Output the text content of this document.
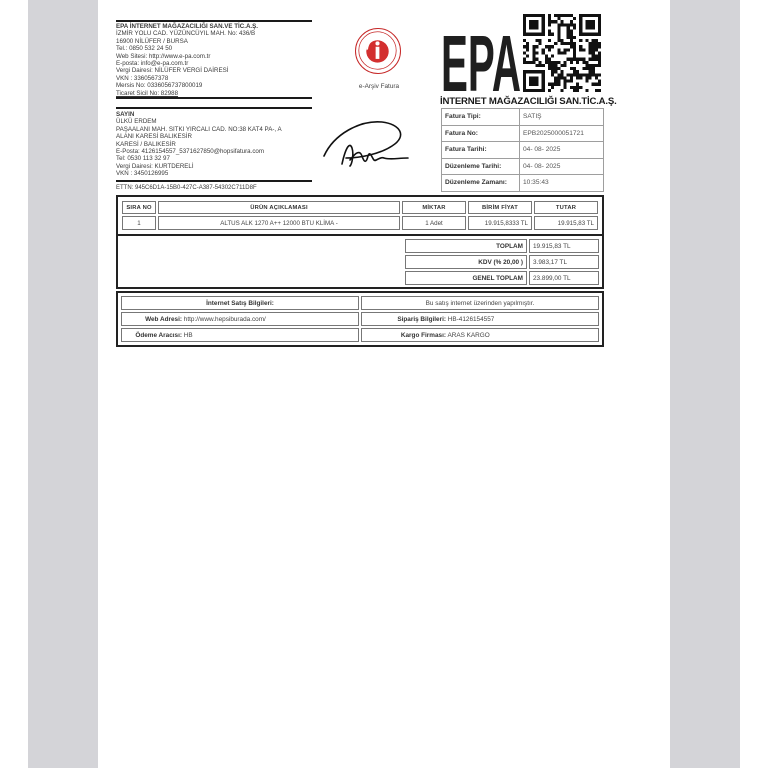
EPA İNTERNET MAĞAZACILIĞI SAN.VE TİC.A.Ş.
İZMİR YOLU CAD. YÜZÜNCÜYIL MAH. No: 436/B
16900 NİLÜFER / BURSA
Tel.: 0850 532 24 50
Web Sitesi: http://www.e-pa.com.tr
E-posta: info@e-pa.com.tr
Vergi Dairesi: NİLÜFER VERGİ DAİRESİ
VKN : 3360567378
Mersis No: 0336056737800019
Ticaret Sicil No: 82988
e-Arşiv Fatura EPA
İNTERNET MAĞAZACILIĞI SAN.TİC.A.Ş.
SAYIN
ÜLKÜ ERDEM
PAŞAALANI MAH. SITKI YIRCALI CAD. NO:38 KAT4 PA-, A
ALANI KARESİ BALIKESİR
KARESİ / BALIKESİR
E-Posta: 4126154557_5371627850@hopsifatura.com
Tel: 0530 113 32 97
Vergi Dairesi: KURTDERELİ
VKN : 3450126995
ETTN: 945C6D1A-15B0-427C-A387-54302C711D8F
Fatura Tipi:	SATIŞ
Fatura No:	EPB2025000051721
Fatura Tarihi:	04- 08- 2025
Düzenleme Tarihi:	04- 08- 2025
Düzenleme Zamanı:	10:35:43
SIRA NO	ÜRÜN AÇIKLAMASI	MİKTAR	BİRİM FİYAT	TUTAR
1	ALTUS ALK 1270 A++ 12000 BTU KLİMA -	1 Adet	19.915,8333 TL	19.915,83 TL
TOPLAM	19.915,83 TL
KDV (% 20,00 )	3.983,17 TL
GENEL TOPLAM	23.899,00 TL
İnternet Satış Bilgileri:	Bu satış internet üzerinden yapılmıştır.
Web Adresi: http://www.hepsiburada.com/	Sipariş Bilgileri: HB-4126154557
Ödeme Aracısı: HB	Kargo Firması: ARAS KARGO
